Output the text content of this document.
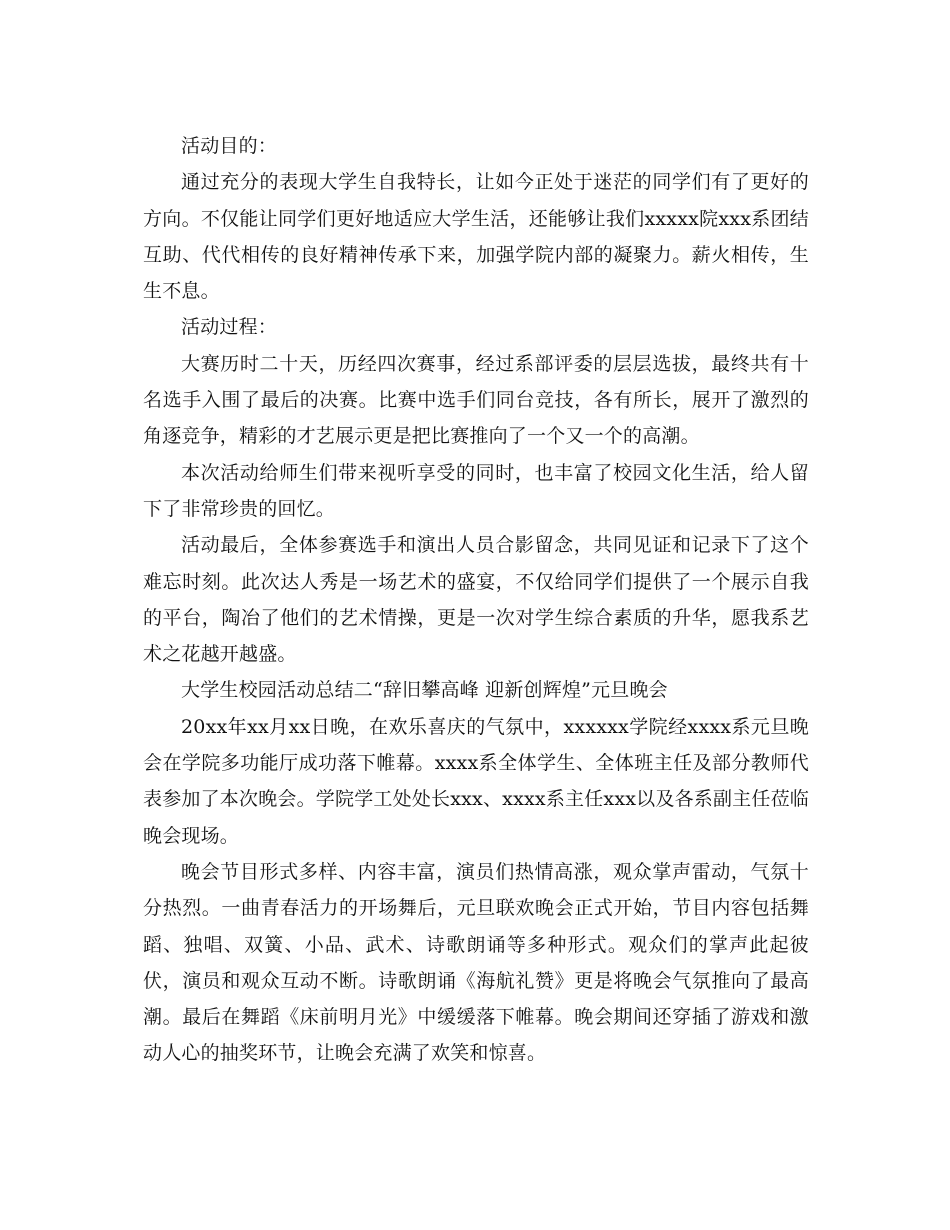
活动目的：

通过充分的表现大学生自我特长，让如今正处于迷茫的同学们有了更好的方向。不仅能让同学们更好地适应大学生活，还能够让我们xxxxx院xxx系团结互助、代代相传的良好精神传承下来，加强学院内部的凝聚力。薪火相传，生生不息。

活动过程：

大赛历时二十天，历经四次赛事，经过系部评委的层层选拔，最终共有十名选手入围了最后的决赛。比赛中选手们同台竞技，各有所长，展开了激烈的角逐竞争，精彩的才艺展示更是把比赛推向了一个又一个的高潮。

本次活动给师生们带来视听享受的同时，也丰富了校园文化生活，给人留下了非常珍贵的回忆。

活动最后，全体参赛选手和演出人员合影留念，共同见证和记录下了这个难忘时刻。此次达人秀是一场艺术的盛宴，不仅给同学们提供了一个展示自我的平台，陶冶了他们的艺术情操，更是一次对学生综合素质的升华，愿我系艺术之花越开越盛。

大学生校园活动总结二“辞旧攀高峰 迎新创辉煌”元旦晚会

20xx年xx月xx日晚，在欢乐喜庆的气氛中，xxxxxx学院经xxxx系元旦晚会在学院多功能厅成功落下帷幕。xxxx系全体学生、全体班主任及部分教师代表参加了本次晚会。学院学工处处长xxx、xxxx系主任xxx以及各系副主任莅临晚会现场。

晚会节目形式多样、内容丰富，演员们热情高涨，观众掌声雷动，气氛十分热烈。一曲青春活力的开场舞后，元旦联欢晚会正式开始，节目内容包括舞蹈、独唱、双簧、小品、武术、诗歌朗诵等多种形式。观众们的掌声此起彼伏，演员和观众互动不断。诗歌朗诵《海航礼赞》更是将晚会气氛推向了最高潮。最后在舞蹈《床前明月光》中缓缓落下帷幕。晚会期间还穿插了游戏和激动人心的抽奖环节，让晚会充满了欢笑和惊喜。
